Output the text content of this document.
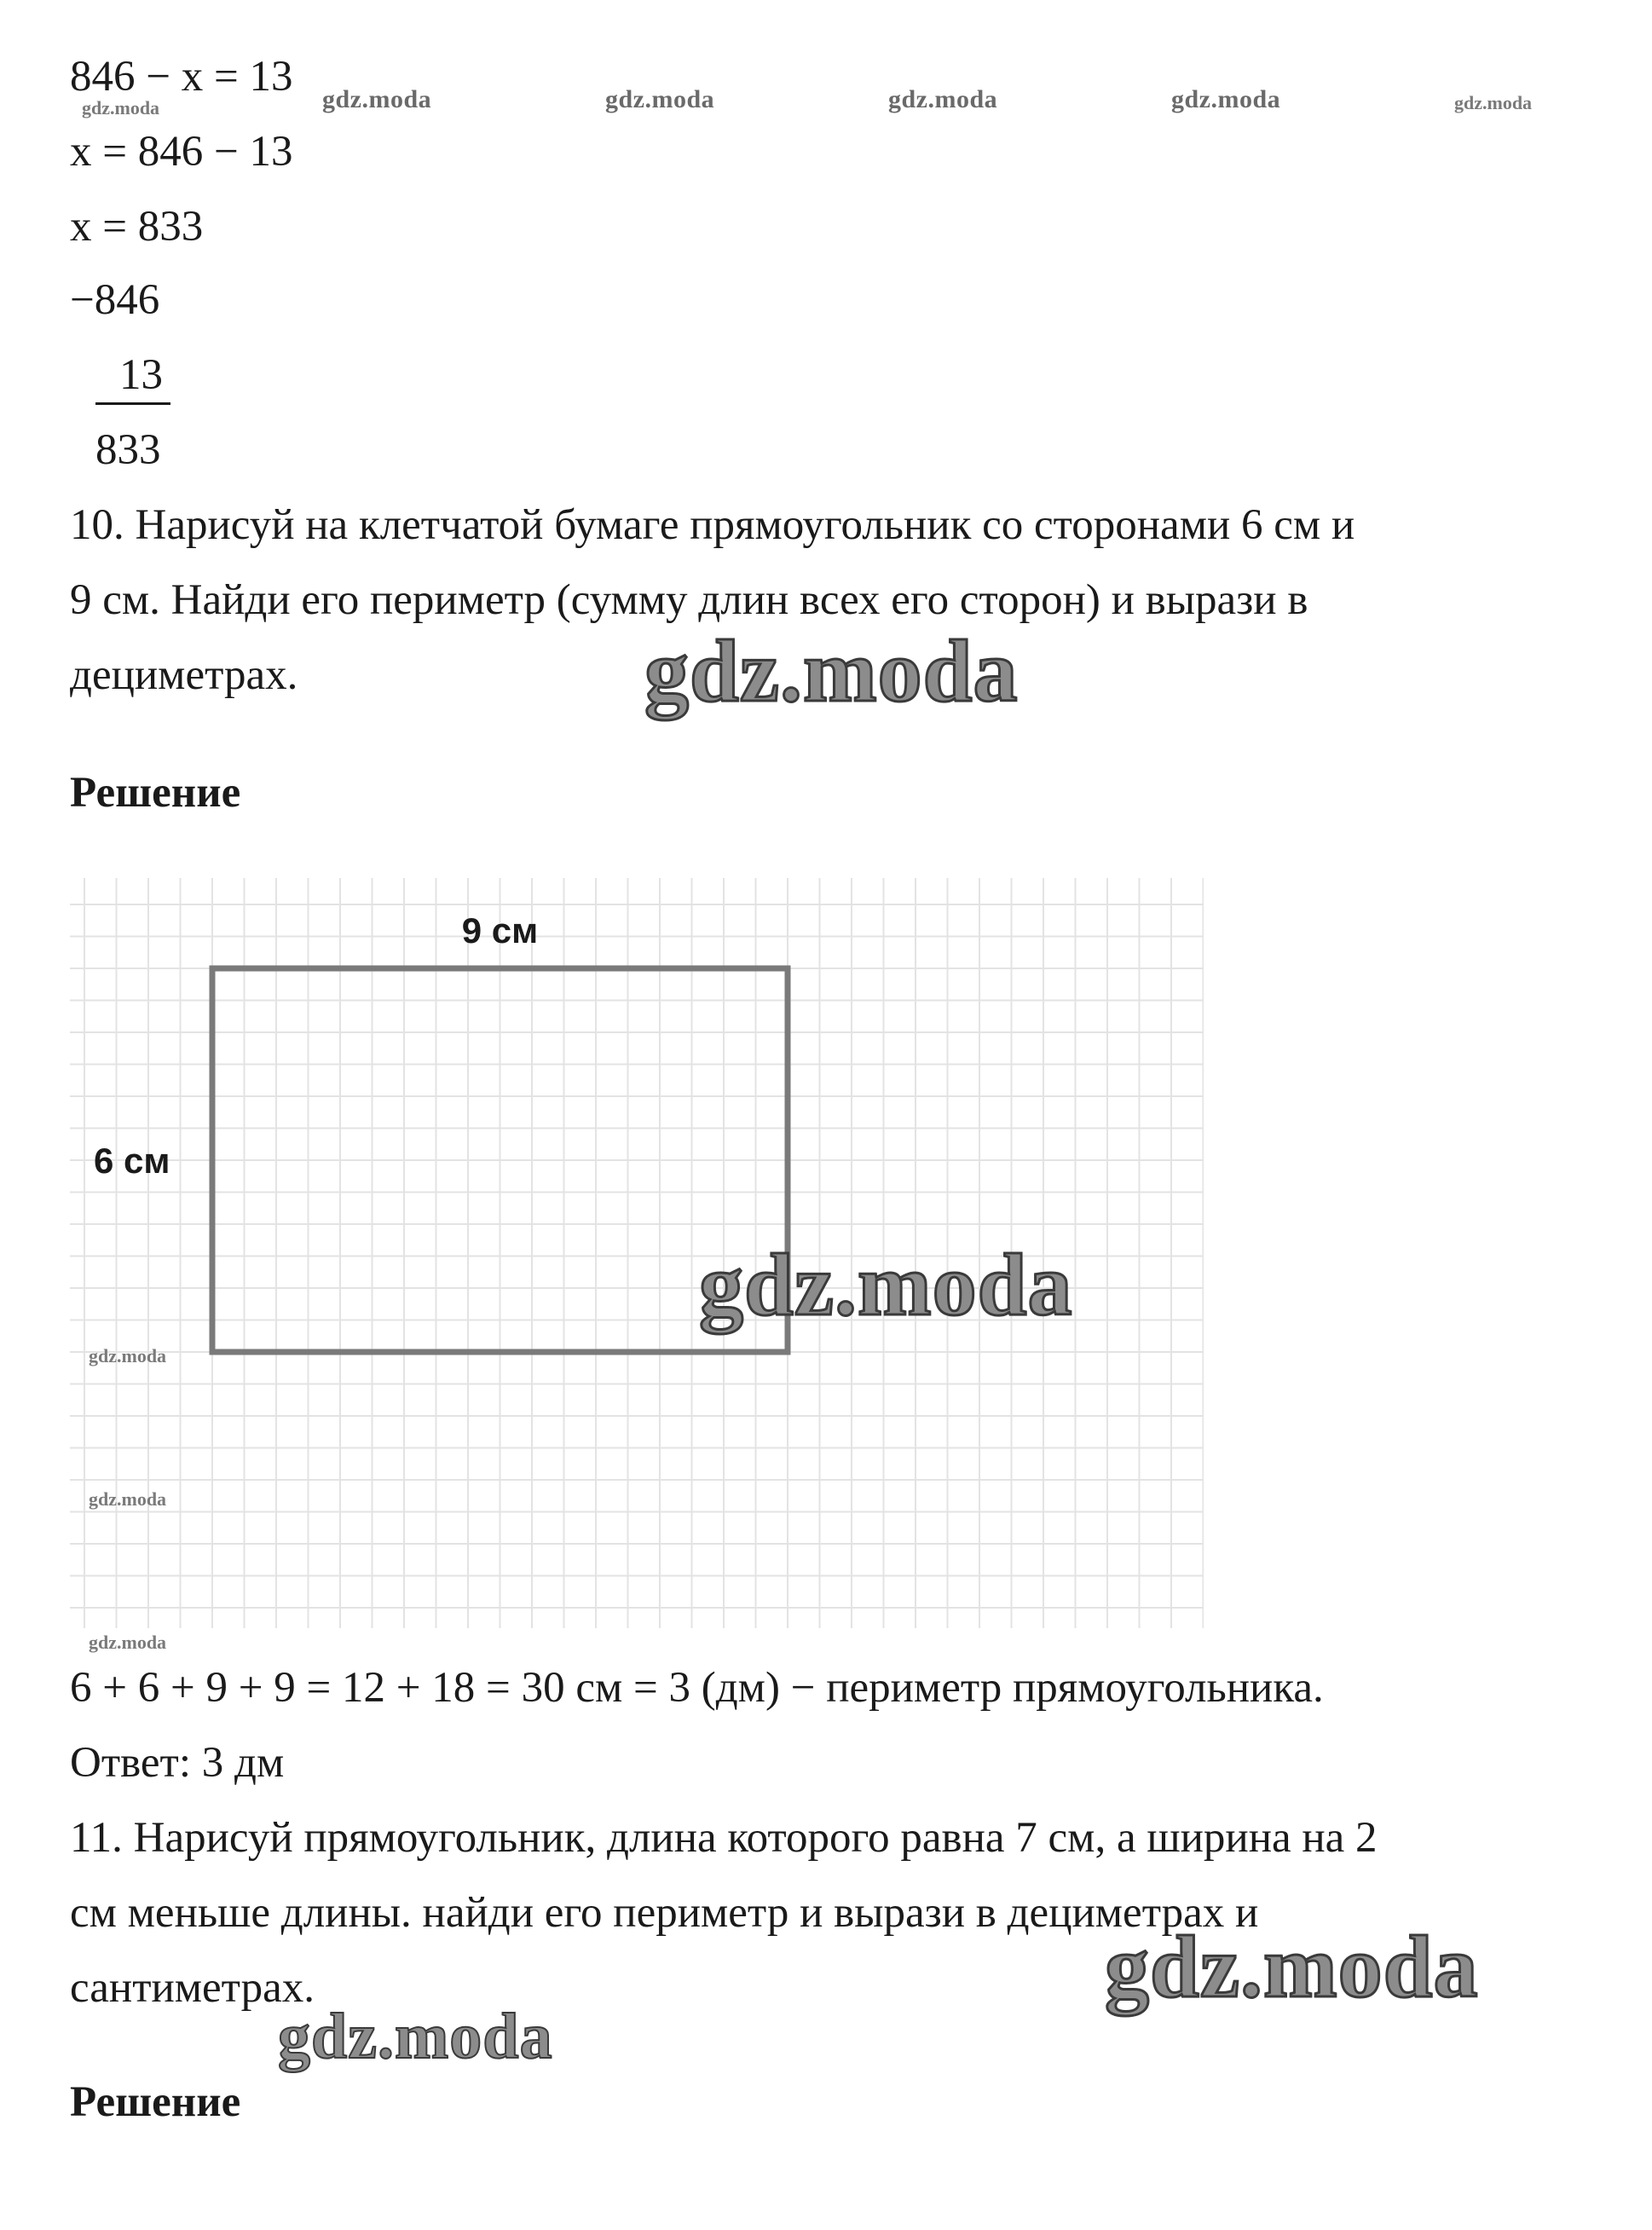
846 − x = 13
x = 846 − 13
x = 833
−846
13
833
gdz.moda	gdz.moda	gdz.moda	gdz.moda	gdz.moda	gdz.moda
10. Нарисуй на клетчатой бумаге прямоугольник со сторонами 6 см и
9 см. Найди его периметр (сумму длин всех его сторон) и вырази в
дециметрах.	gdz.moda
Решение
9 см
6 см
gdz.moda
gdz.moda
gdz.moda
gdz.moda
6 + 6 + 9 + 9 = 12 + 18 = 30 см = 3 (дм) − периметр прямоугольника.
Ответ: 3 дм
11. Нарисуй прямоугольник, длина которого равна 7 см, а ширина на 2
см меньше длины. найди его периметр и вырази в дециметрах и
сантиметрах.	gdz.moda
gdz.moda
Решение
